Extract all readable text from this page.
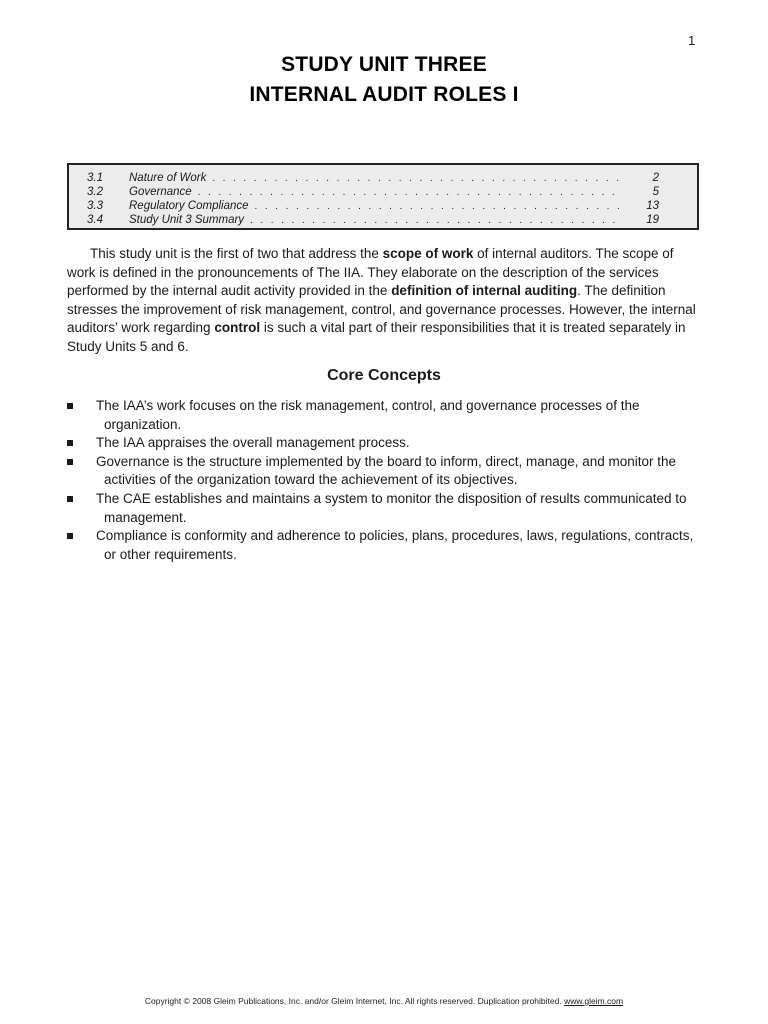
1
STUDY UNIT THREE
INTERNAL AUDIT ROLES I
3.1	Nature of Work . . .	2
3.2	Governance . . .	5
3.3	Regulatory Compliance . . .	13
3.4	Study Unit 3 Summary . . .	19

This study unit is the first of two that address the scope of work of internal auditors. The scope of work is defined in the pronouncements of The IIA. They elaborate on the description of the services performed by the internal audit activity provided in the definition of internal auditing. The definition stresses the improvement of risk management, control, and governance processes. However, the internal auditors’ work regarding control is such a vital part of their responsibilities that it is treated separately in Study Units 5 and 6.

Core Concepts
The IAA’s work focuses on the risk management, control, and governance processes of the organization.
The IAA appraises the overall management process.
Governance is the structure implemented by the board to inform, direct, manage, and monitor the activities of the organization toward the achievement of its objectives.
The CAE establishes and maintains a system to monitor the disposition of results communicated to management.
Compliance is conformity and adherence to policies, plans, procedures, laws, regulations, contracts, or other requirements.
Copyright © 2008 Gleim Publications, Inc. and/or Gleim Internet, Inc. All rights reserved. Duplication prohibited. www.gleim.com
